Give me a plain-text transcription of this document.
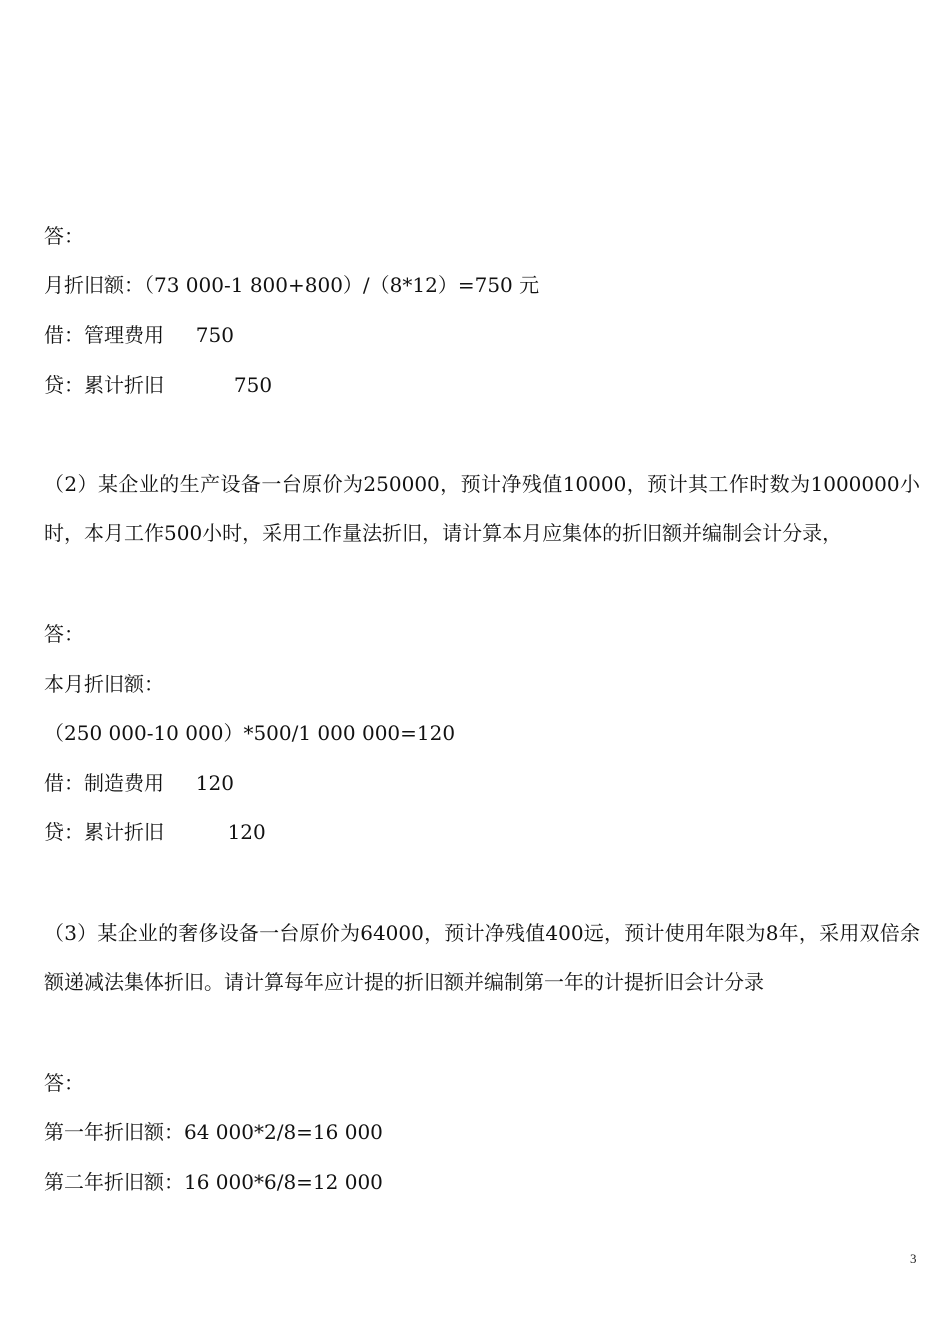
答：

月折旧额：（73 000-1 800+800）/（8*12）=750 元

借：管理费用     750

贷：累计折旧           750

（2）某企业的生产设备一台原价为250000，预计净残值10000，预计其工作时数为1000000小时，本月工作500小时，采用工作量法折旧，请计算本月应集体的折旧额并编制会计分录，

答：

本月折旧额：

（250 000-10 000）*500/1 000 000=120

借：制造费用     120

贷：累计折旧          120

（3）某企业的奢侈设备一台原价为64000，预计净残值400远，预计使用年限为8年，采用双倍余额递减法集体折旧。请计算每年应计提的折旧额并编制第一年的计提折旧会计分录

答：

第一年折旧额：64 000*2/8=16 000

第二年折旧额：16 000*6/8=12 000

3
